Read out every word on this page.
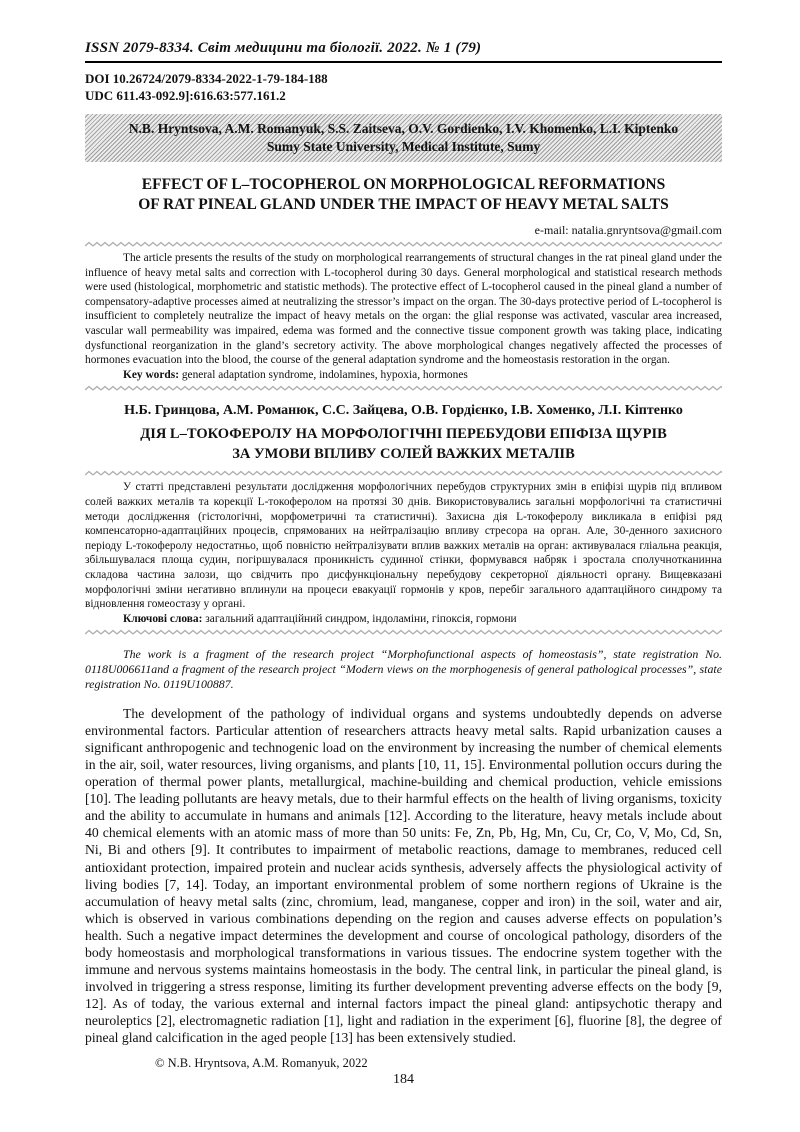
ISSN 2079-8334. Світ медицини та біології. 2022. № 1 (79)
DOI 10.26724/2079-8334-2022-1-79-184-188
UDC 611.43-092.9]:616.63:577.161.2
N.B. Hryntsova, A.M. Romanyuk, S.S. Zaitseva, O.V. Gordienko, I.V. Khomenko, L.I. Kiptenko
Sumy State University, Medical Institute, Sumy
EFFECT OF L–TOCOPHEROL ON MORPHOLOGICAL REFORMATIONS
OF RAT PINEAL GLAND UNDER THE IMPACT OF HEAVY METAL SALTS
e-mail: natalia.gnryntsova@gmail.com

The article presents the results of the study on morphological rearrangements of structural changes in the rat pineal gland under the influence of heavy metal salts and correction with L-tocopherol during 30 days. General morphological and statistical research methods were used (histological, morphometric and statistic methods). The protective effect of L-tocopherol caused in the pineal gland a number of compensatory-adaptive processes aimed at neutralizing the stressor’s impact on the organ. The 30-days protective period of L-tocopherol is insufficient to completely neutralize the impact of heavy metals on the organ: the glial response was activated, vascular area increased, vascular wall permeability was impaired, edema was formed and the connective tissue component growth was taking place, indicating dysfunctional reorganization in the gland’s secretory activity. The above morphological changes negatively affected the processes of hormones evacuation into the blood, the course of the general adaptation syndrome and the homeostasis restoration in the organ.

Key words: general adaptation syndrome, indolamines, hypoxia, hormones

Н.Б. Гринцова, А.М. Романюк, С.С. Зайцева, О.В. Гордієнко, І.В. Хоменко, Л.І. Кіптенко
ДІЯ L–ТОКОФЕРОЛУ НА МОРФОЛОГІЧНІ ПЕРЕБУДОВИ ЕПІФІЗА ЩУРІВ
ЗА УМОВИ ВПЛИВУ СОЛЕЙ ВАЖКИХ МЕТАЛІВ

У статті представлені результати дослідження морфологічних перебудов структурних змін в епіфізі щурів під впливом солей важких металів та корекції L-токоферолом на протязі 30 днів. Використовувались загальні морфологічні та статистичні методи дослідження (гістологічні, морфометричні та статистичні). Захисна дія L-токоферолу викликала в епіфізі ряд компенсаторно-адаптаційних процесів, спрямованих на нейтралізацію впливу стресора на орган. Але, 30-денного захисного періоду L-токоферолу недостатньо, щоб повністю нейтралізувати вплив важких металів на орган: активувалася гліальна реакція, збільшувалася площа судин, погіршувалася проникність судинної стінки, формувався набряк і зростала сполучнотканинна складова частина залози, що свідчить про дисфункціональну перебудову секреторної діяльності органу. Вищевказані морфологічні зміни негативно вплинули на процеси евакуації гормонів у кров, перебіг загального адаптаційного синдрому та відновлення гомеостазу у органі.

Ключові слова: загальний адаптаційний синдром, індоламіни, гіпоксія, гормони

The work is a fragment of the research project “Morphofunctional aspects of homeostasis”, state registration No. 0118U006611and a fragment of the research project “Modern views on the morphogenesis of general pathological processes”, state registration No. 0119U100887.

The development of the pathology of individual organs and systems undoubtedly depends on adverse environmental factors. Particular attention of researchers attracts heavy metal salts. Rapid urbanization causes a significant anthropogenic and technogenic load on the environment by increasing the number of chemical elements in the air, soil, water resources, living organisms, and plants [10, 11, 15]. Environmental pollution occurs during the operation of thermal power plants, metallurgical, machine-building and chemical production, vehicle emissions [10]. The leading pollutants are heavy metals, due to their harmful effects on the health of living organisms, toxicity and the ability to accumulate in humans and animals [12]. According to the literature, heavy metals include about 40 chemical elements with an atomic mass of more than 50 units: Fe, Zn, Pb, Hg, Mn, Cu, Cr, Co, V, Mo, Cd, Sn, Ni, Bi and others [9]. It contributes to impairment of metabolic reactions, damage to membranes, reduced cell antioxidant protection, impaired protein and nuclear acids synthesis, adversely affects the physiological activity of living bodies [7, 14]. Today, an important environmental problem of some northern regions of Ukraine is the accumulation of heavy metal salts (zinc, chromium, lead, manganese, copper and iron) in the soil, water and air, which is observed in various combinations depending on the region and causes adverse effects on population’s health. Such a negative impact determines the development and course of oncological pathology, disorders of the body homeostasis and morphological transformations in various tissues. The endocrine system together with the immune and nervous systems maintains homeostasis in the body. The central link, in particular the pineal gland, is involved in triggering a stress response, limiting its further development preventing adverse effects on the body [9, 12]. As of today, the various external and internal factors impact the pineal gland: antipsychotic therapy and neuroleptics [2], electromagnetic radiation [1], light and radiation in the experiment [6], fluorine [8], the degree of pineal gland calcification in the aged people [13] has been extensively studied.

© N.B. Hryntsova, A.M. Romanyuk, 2022
184
